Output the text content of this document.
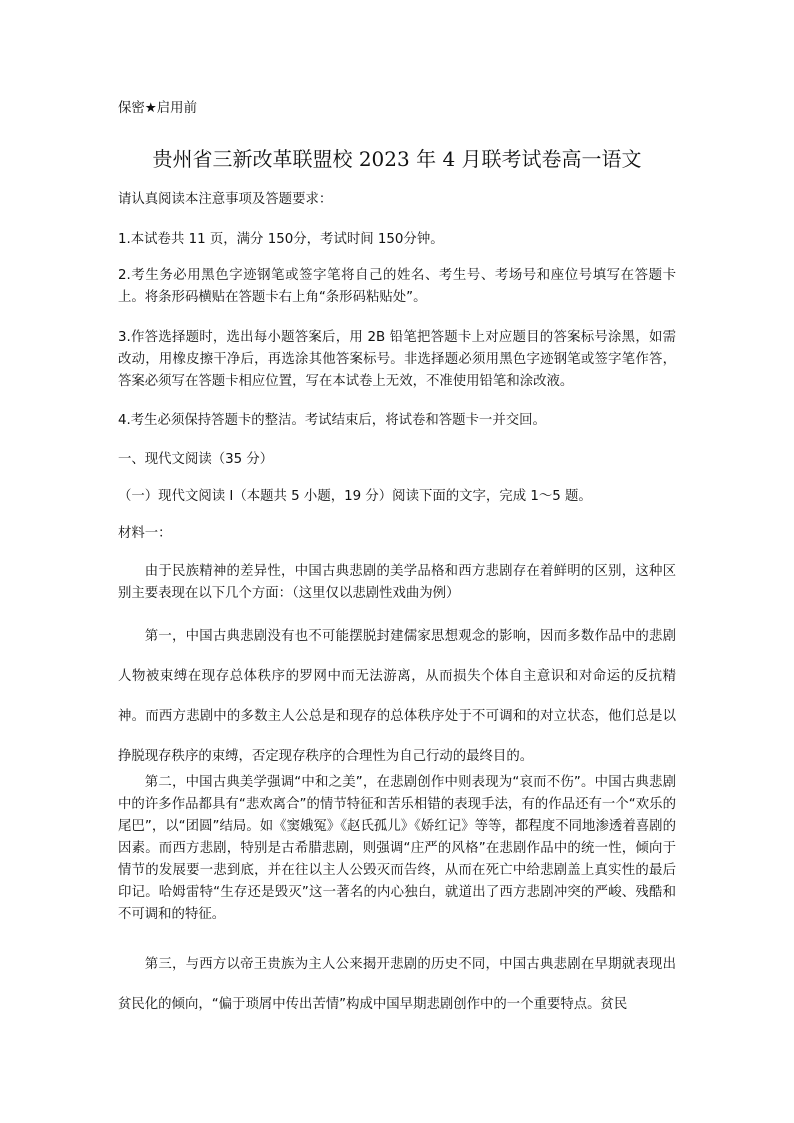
保密★启用前
贵州省三新改革联盟校 2023 年 4 月联考试卷高一语文
请认真阅读本注意事项及答题要求：
1.本试卷共 11 页，满分 150分，考试时间 150分钟。
2.考生务必用黑色字迹钢笔或签字笔将自己的姓名、考生号、考场号和座位号填写在答题卡上。将条形码横贴在答题卡右上角“条形码粘贴处”。
3.作答选择题时，选出每小题答案后，用 2B 铅笔把答题卡上对应题目的答案标号涂黑，如需改动，用橡皮擦干净后，再选涂其他答案标号。非选择题必须用黑色字迹钢笔或签字笔作答，答案必须写在答题卡相应位置，写在本试卷上无效，不准使用铅笔和涂改液。
4.考生必须保持答题卡的整洁。考试结束后，将试卷和答题卡一并交回。
一、现代文阅读（35 分）
（一）现代文阅读 I（本题共 5 小题，19 分）阅读下面的文字，完成 1～5 题。
材料一：
由于民族精神的差异性，中国古典悲剧的美学品格和西方悲剧存在着鲜明的区别，这种区别主要表现在以下几个方面：（这里仅以悲剧性戏曲为例）
第一，中国古典悲剧没有也不可能摆脱封建儒家思想观念的影响，因而多数作品中的悲剧人物被束缚在现存总体秩序的罗网中而无法游离，从而损失个体自主意识和对命运的反抗精神。而西方悲剧中的多数主人公总是和现存的总体秩序处于不可调和的对立状态，他们总是以挣脱现存秩序的束缚，否定现存秩序的合理性为自己行动的最终目的。
第二，中国古典美学强调“中和之美”，在悲剧创作中则表现为“哀而不伤”。中国古典悲剧中的许多作品都具有“悲欢离合”的情节特征和苦乐相错的表现手法，有的作品还有一个“欢乐的尾巴”，以“团圆”结局。如《窦娥冤》《赵氏孤儿》《娇红记》等等，都程度不同地渗透着喜剧的因素。而西方悲剧，特别是古希腊悲剧，则强调“庄严的风格”在悲剧作品中的统一性，倾向于情节的发展要一悲到底，并在往以主人公毁灭而告终，从而在死亡中给悲剧盖上真实性的最后印记。哈姆雷特“生存还是毁灭”这一著名的内心独白，就道出了西方悲剧冲突的严峻、残酷和不可调和的特征。
第三，与西方以帝王贵族为主人公来揭开悲剧的历史不同，中国古典悲剧在早期就表现出贫民化的倾向，“偏于琐屑中传出苦情”构成中国早期悲剧创作中的一个重要特点。贫民
